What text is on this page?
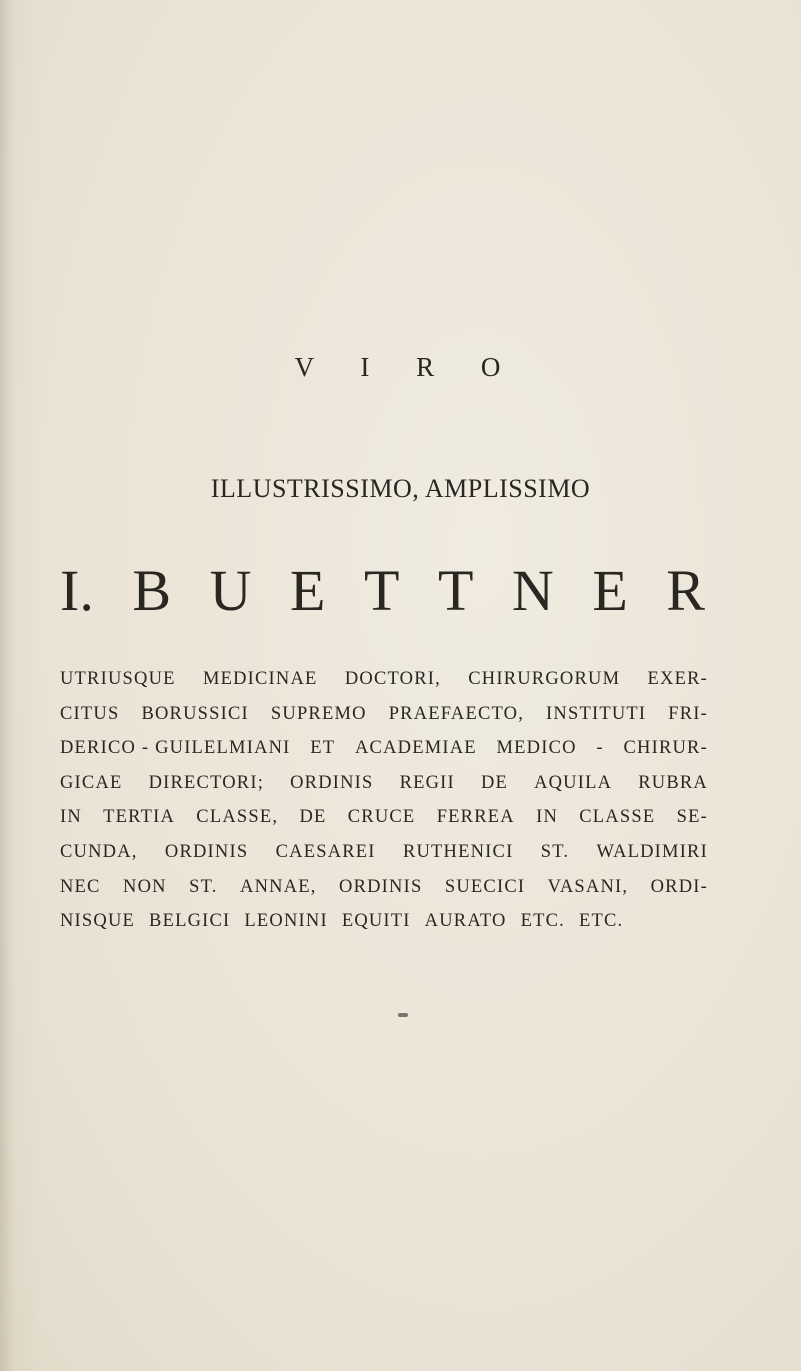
V I R O
ILLUSTRISSIMO, AMPLISSIMO
I. B U E T T N E R
UTRIUSQUE MEDICINAE DOCTORI, CHIRURGORUM EXER-
CITUS BORUSSICI SUPREMO PRAEFAECTO, INSTITUTI FRI-
DERICO - GUILELMIANI ET ACADEMIAE MEDICO - CHIRUR-
GICAE DIRECTORI; ORDINIS REGII DE AQUILA RUBRA
IN TERTIA CLASSE, DE CRUCE FERREA IN CLASSE SE-
CUNDA, ORDINIS CAESAREI RUTHENICI ST. WALDIMIRI
NEC NON ST. ANNAE, ORDINIS SUECICI VASANI, ORDI-
NISQUE BELGICI LEONINI EQUITI AURATO ETC. ETC.
